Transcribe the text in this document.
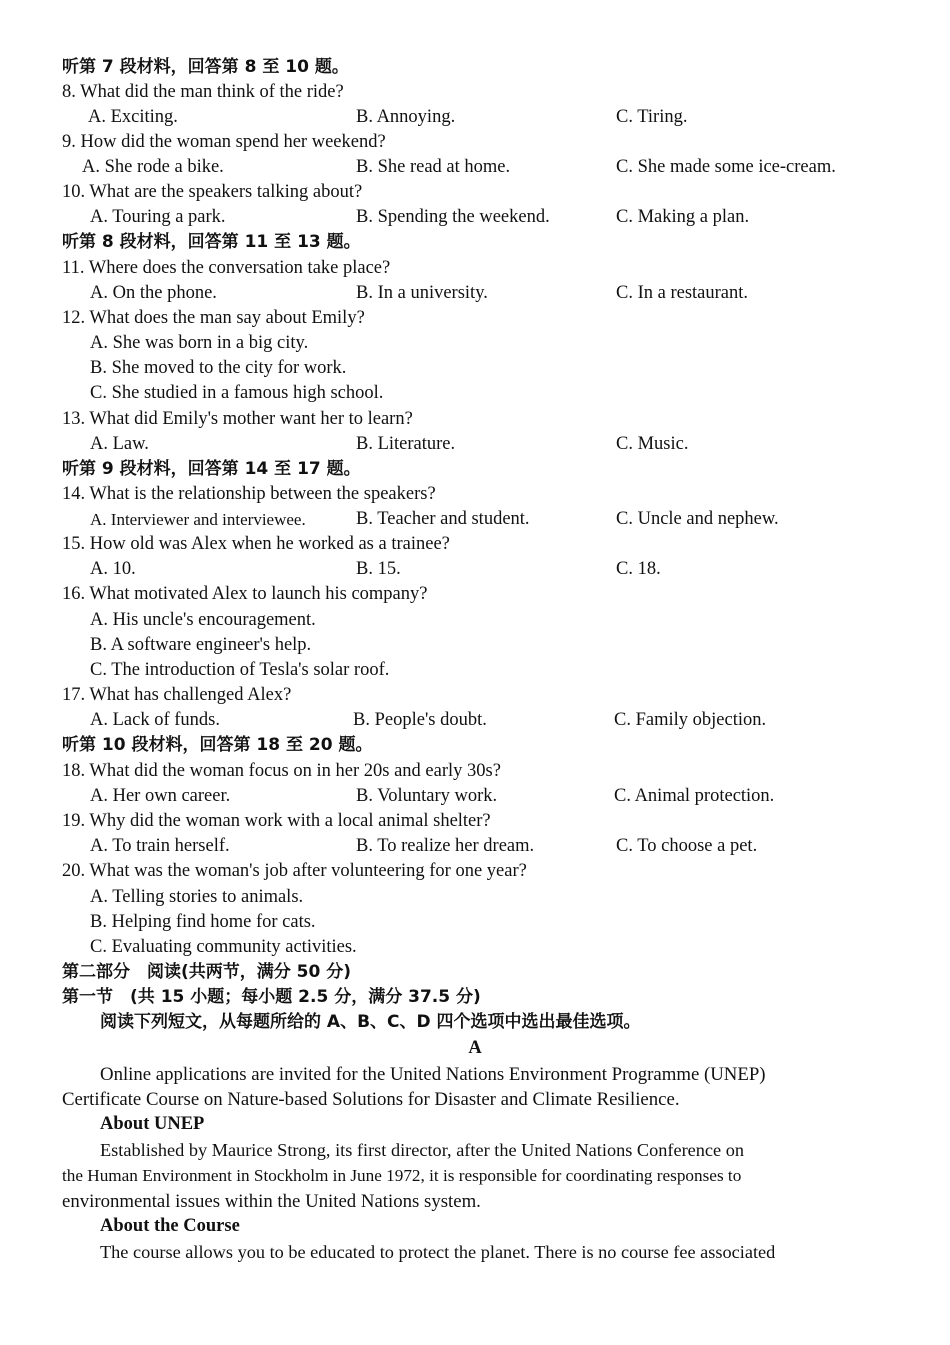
听第 7 段材料，回答第 8 至 10 题。
8. What did the man think of the ride?
A. Exciting.	B. Annoying.	C. Tiring.
9. How did the woman spend her weekend?
A. She rode a bike.	B. She read at home.	C. She made some ice-cream.
10. What are the speakers talking about?
A. Touring a park.	B. Spending the weekend.	C. Making a plan.
听第 8 段材料，回答第 11 至 13 题。
11. Where does the conversation take place?
A. On the phone.	B. In a university.	C. In a restaurant.
12. What does the man say about Emily?
A. She was born in a big city.
B. She moved to the city for work.
C. She studied in a famous high school.
13. What did Emily's mother want her to learn?
A. Law.	B. Literature.	C. Music.
听第 9 段材料，回答第 14 至 17 题。
14. What is the relationship between the speakers?
A. Interviewer and interviewee.	B. Teacher and student.	C. Uncle and nephew.
15. How old was Alex when he worked as a trainee?
A. 10.	B. 15.	C. 18.
16. What motivated Alex to launch his company?
A. His uncle's encouragement.
B. A software engineer's help.
C. The introduction of Tesla's solar roof.
17. What has challenged Alex?
A. Lack of funds.	B. People's doubt.	C. Family objection.
听第 10 段材料，回答第 18 至 20 题。
18. What did the woman focus on in her 20s and early 30s?
A. Her own career.	B. Voluntary work.	C. Animal protection.
19. Why did the woman work with a local animal shelter?
A. To train herself.	B. To realize her dream.	C. To choose a pet.
20. What was the woman's job after volunteering for one year?
A. Telling stories to animals.
B. Helping find home for cats.
C. Evaluating community activities.
第二部分　阅读(共两节，满分 50 分)
第一节　(共 15 小题；每小题 2.5 分，满分 37.5 分)
阅读下列短文，从每题所给的 A、B、C、D 四个选项中选出最佳选项。
A
Online applications are invited for the United Nations Environment Programme (UNEP)
Certificate Course on Nature-based Solutions for Disaster and Climate Resilience.
About UNEP
Established by Maurice Strong, its first director, after the United Nations Conference on
the Human Environment in Stockholm in June 1972, it is responsible for coordinating responses to
environmental issues within the United Nations system.
About the Course
The course allows you to be educated to protect the planet. There is no course fee associated
